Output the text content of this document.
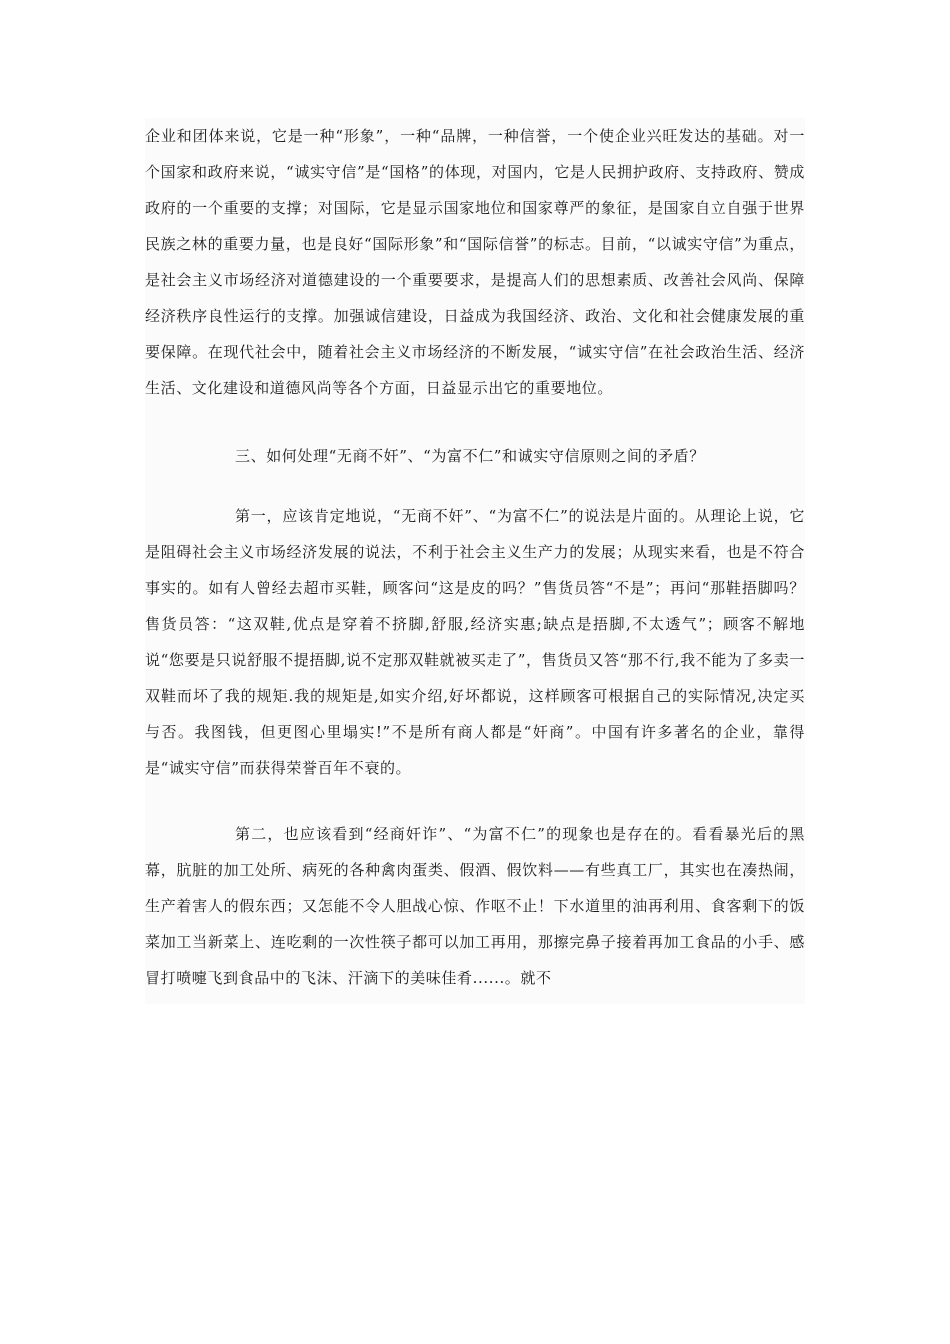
企业和团体来说，它是一种“形象”，一种“品牌，一种信誉，一个使企业兴旺发达的基础。对一个国家和政府来说，“诚实守信”是“国格”的体现，对国内，它是人民拥护政府、支持政府、赞成政府的一个重要的支撑；对国际，它是显示国家地位和国家尊严的象征，是国家自立自强于世界民族之林的重要力量，也是良好“国际形象”和“国际信誉”的标志。目前，“以诚实守信”为重点，是社会主义市场经济对道德建设的一个重要要求，是提高人们的思想素质、改善社会风尚、保障经济秩序良性运行的支撑。加强诚信建设，日益成为我国经济、政治、文化和社会健康发展的重要保障。在现代社会中，随着社会主义市场经济的不断发展，“诚实守信”在社会政治生活、经济生活、文化建设和道德风尚等各个方面，日益显示出它的重要地位。

三、如何处理“无商不奸”、“为富不仁”和诚实守信原则之间的矛盾？

第一，应该肯定地说，“无商不奸”、“为富不仁”的说法是片面的。从理论上说，它是阻碍社会主义市场经济发展的说法，不利于社会主义生产力的发展；从现实来看，也是不符合事实的。如有人曾经去超市买鞋，顾客问“这是皮的吗？”售货员答“不是”；再问“那鞋捂脚吗？售货员答：“这双鞋,优点是穿着不挤脚,舒服,经济实惠;缺点是捂脚,不太透气”；顾客不解地说“您要是只说舒服不提捂脚,说不定那双鞋就被买走了”，售货员又答“那不行,我不能为了多卖一双鞋而坏了我的规矩.我的规矩是,如实介绍,好坏都说，这样顾客可根据自己的实际情况,决定买与否。我图钱，但更图心里塌实!”不是所有商人都是“奸商”。中国有许多著名的企业，靠得是“诚实守信”而获得荣誉百年不衰的。

第二，也应该看到“经商奸诈”、“为富不仁”的现象也是存在的。看看暴光后的黑幕，肮脏的加工处所、病死的各种禽肉蛋类、假酒、假饮料——有些真工厂，其实也在凑热闹，生产着害人的假东西；又怎能不令人胆战心惊、作呕不止！下水道里的油再利用、食客剩下的饭菜加工当新菜上、连吃剩的一次性筷子都可以加工再用，那擦完鼻子接着再加工食品的小手、感冒打喷嚏飞到食品中的飞沫、汗滴下的美味佳肴......。就不
